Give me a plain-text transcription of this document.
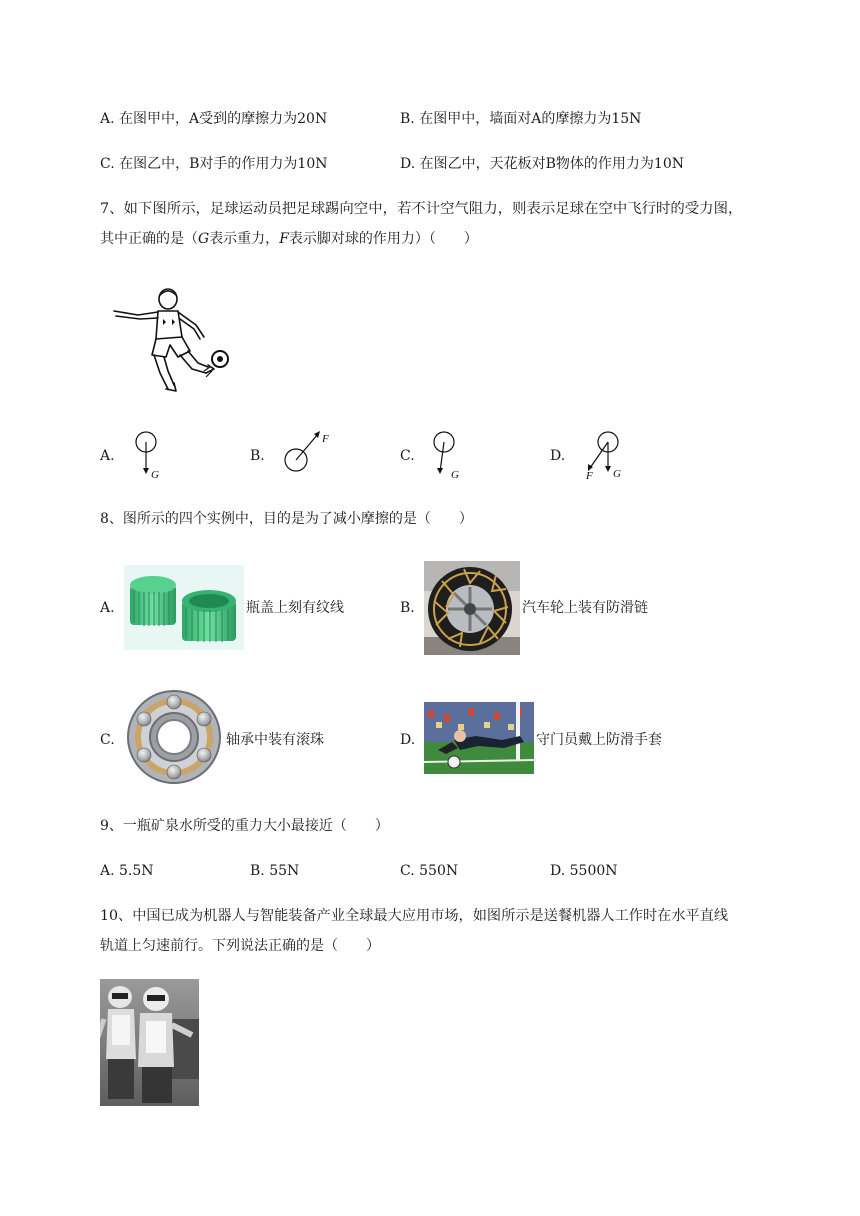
A. 在图甲中，A受到的摩擦力为20N	B. 在图甲中，墙面对A的摩擦力为15N
C. 在图乙中，B对手的作用力为10N	D. 在图乙中，天花板对B物体的作用力为10N
7、如下图所示，足球运动员把足球踢向空中，若不计空气阻力，则表示足球在空中飞行时的受力图，
其中正确的是（G表示重力，F表示脚对球的作用力）（　　）
A.
G
B.
F
C.
G
D.
F G
8、图所示的四个实例中，目的是为了减小摩擦的是（　　）
A.	瓶盖上刻有纹线	B.	汽车轮上装有防滑链
C.	轴承中装有滚珠	D.	守门员戴上防滑手套
9、一瓶矿泉水所受的重力大小最接近（　　）
A. 5.5N	B. 55N	C. 550N	D. 5500N
10、中国已成为机器人与智能装备产业全球最大应用市场，如图所示是送餐机器人工作时在水平直线
轨道上匀速前行。下列说法正确的是（　　）
